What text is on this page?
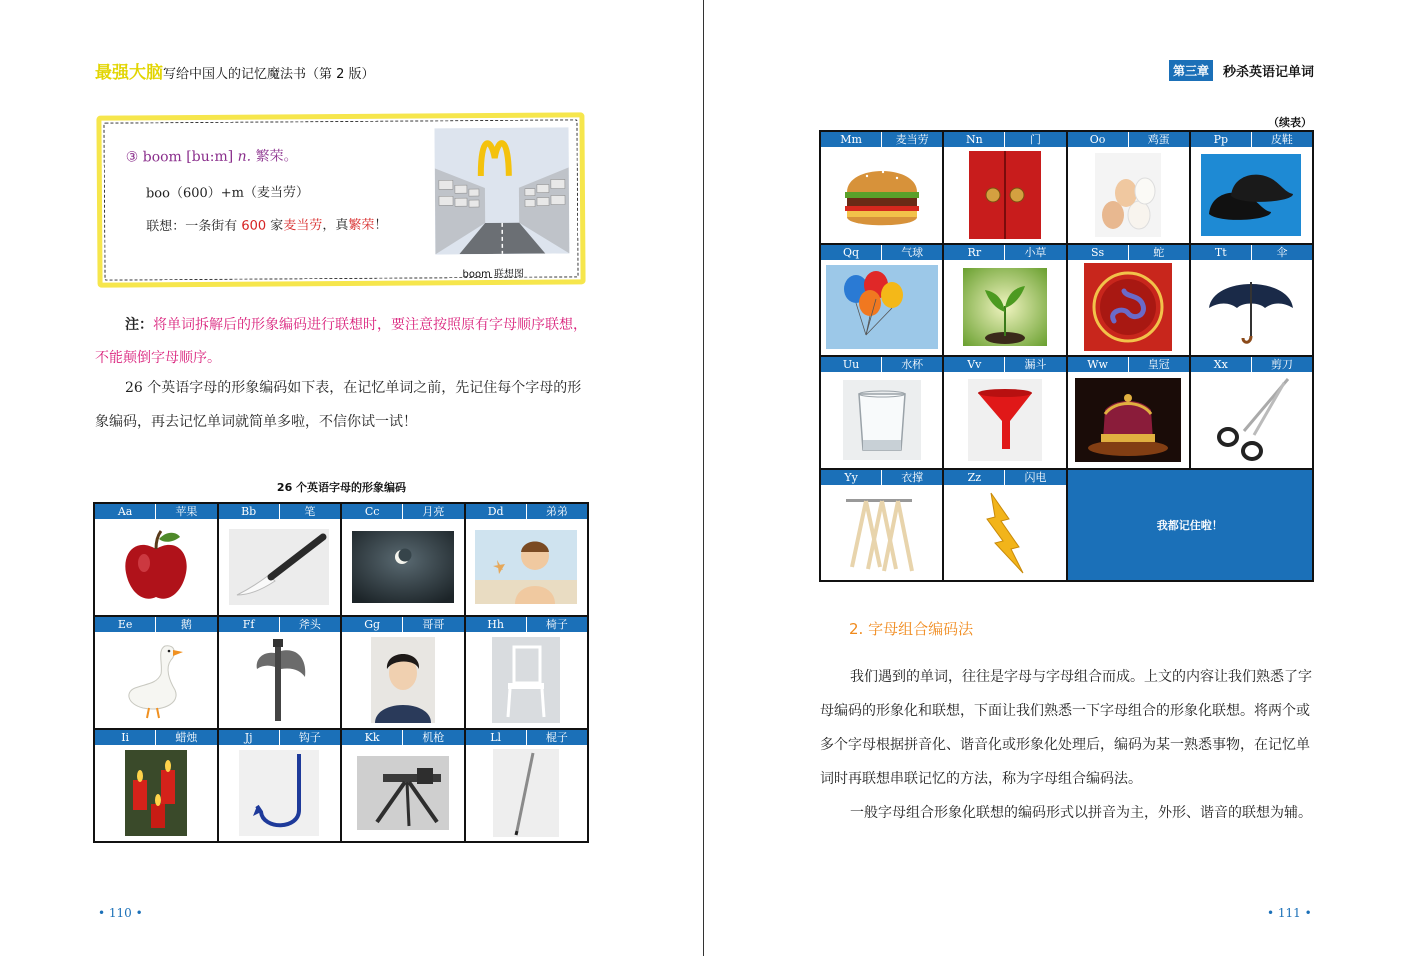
最强大脑写给中国人的记忆魔法书（第 2 版）
③ boom [bu:m] n. 繁荣。
boo（600）+m（麦当劳）
联想：一条街有 600 家麦当劳，真繁荣！
boom 联想图
注：将单词拆解后的形象编码进行联想时，要注意按照原有字母顺序联想，不能颠倒字母顺序。
26 个英语字母的形象编码如下表，在记忆单词之前，先记住每个字母的形象编码，再去记忆单词就简单多啦，不信你试一试！
26 个英语字母的形象编码
Aa	苹果	Bb	笔	Cc	月亮	Dd	弟弟
Ee	鹅	Ff	斧头	Gg	哥哥	Hh	椅子
Ii	蜡烛	Jj	钩子	Kk	机枪	Ll	棍子
• 110 •
第三章	秒杀英语记单词
（续表）
Mm	麦当劳	Nn	门	Oo	鸡蛋	Pp	皮鞋
Qq	气球	Rr	小草	Ss	蛇	Tt	伞
Uu	水杯	Vv	漏斗	Ww	皇冠	Xx	剪刀
Yy	衣撑	Zz	闪电
我都记住啦！
2. 字母组合编码法
我们遇到的单词，往往是字母与字母组合而成。上文的内容让我们熟悉了字母编码的形象化和联想，下面让我们熟悉一下字母组合的形象化联想。将两个或多个字母根据拼音化、谐音化或形象化处理后，编码为某一熟悉事物，在记忆单词时再联想串联记忆的方法，称为字母组合编码法。
一般字母组合形象化联想的编码形式以拼音为主，外形、谐音的联想为辅。
• 111 •
